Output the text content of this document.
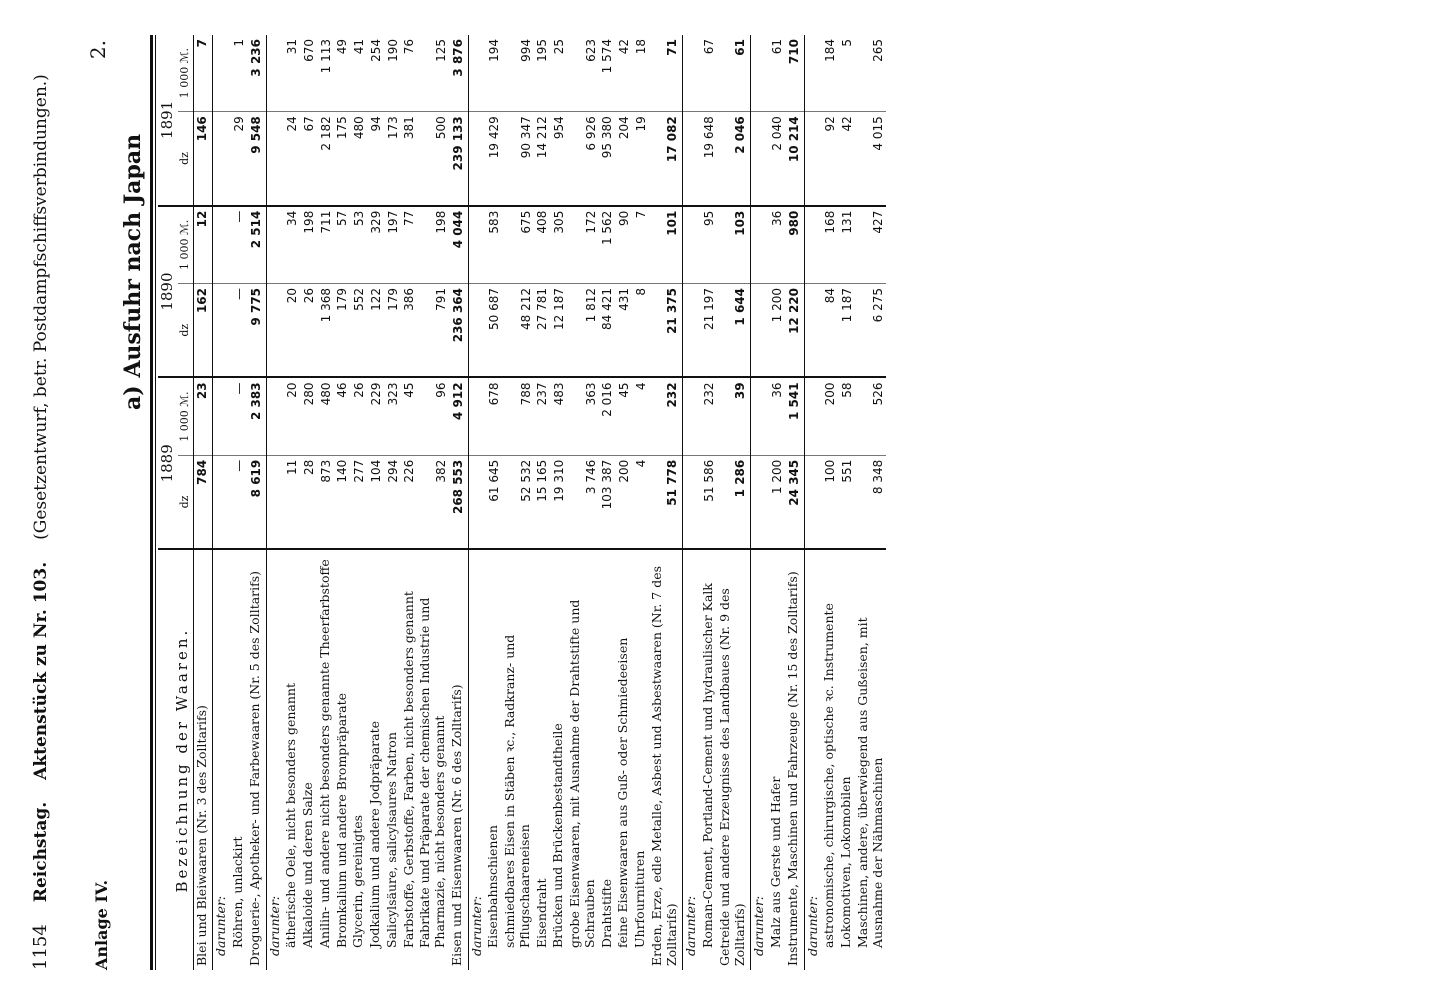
1154
Reichstag.
Aktenstück zu Nr. 103.
(Gesetzentwurf, betr. Postdampfschiffsverbindungen.)
Anlage IV.
2.
a) Ausfuhr nach Japan
Bezeichnung der Waaren.	1889		1890		1891	
	dz	1 000 ℳ.	dz	1 000 ℳ.	dz	1 000 ℳ.
Blei und Bleiwaaren (Nr. 3 des Zolltarifs)	784	23	162	12	146	7
darunter:						
Röhren, unlackirt	—	—	—	—	29	1
Droguerie-, Apotheker- und Farbewaaren (Nr. 5 des Zolltarifs)	8 619	2 383	9 775	2 514	9 548	3 236
darunter:						
ätherische Oele, nicht besonders genannt	11	20	20	34	24	31
Alkaloide und deren Salze	28	280	26	198	67	670
Anilin- und andere nicht besonders genannte Theerfarbstoffe	873	480	1 368	711	2 182	1 113
Bromkalium und andere Brompräparate	140	46	179	57	175	49
Glycerin, gereinigtes	277	26	552	53	480	41
Jodkalium und andere Jodpräparate	104	229	122	329	94	254
Salicylsäure, salicylsaures Natron	294	323	179	197	173	190
Farbstoffe, Gerbstoffe, Farben, nicht besonders genannt	226	45	386	77	381	76
Fabrikate und Präparate der chemischen Industrie und Pharmazie, nicht besonders genannt	382	96	791	198	500	125
Eisen und Eisenwaaren (Nr. 6 des Zolltarifs)	268 553	4 912	236 364	4 044	239 133	3 876
darunter:						
Eisenbahnschienen	61 645	678	50 687	583	19 429	194
schmiedbares Eisen in Stäben ꝛc., Radkranz- und Pflugschaareneisen	52 532	788	48 212	675	90 347	994
Eisendraht	15 165	237	27 781	408	14 212	195
Brücken und Brückenbestandtheile	19 310	483	12 187	305	954	25
grobe Eisenwaaren, mit Ausnahme der Drahtstifte und Schrauben	3 746	363	1 812	172	6 926	623
Drahtstifte	103 387	2 016	84 421	1 562	95 380	1 574
feine Eisenwaaren aus Guß- oder Schmiedeeisen	200	45	431	90	204	42
Uhrfournituren	4	4	8	7	19	18
Erden, Erze, edle Metalle, Asbest und Asbestwaaren (Nr. 7 des Zolltarifs)	51 778	232	21 375	101	17 082	71
darunter:						
Roman-Cement, Portland-Cement und hydraulischer Kalk	51 586	232	21 197	95	19 648	67
Getreide und andere Erzeugnisse des Landbaues (Nr. 9 des Zolltarifs)	1 286	39	1 644	103	2 046	61
darunter:						
Malz aus Gerste und Hafer	1 200	36	1 200	36	2 040	61
Instrumente, Maschinen und Fahrzeuge (Nr. 15 des Zolltarifs)	24 345	1 541	12 220	980	10 214	710
darunter:						
astronomische, chirurgische, optische ꝛc. Instrumente	100	200	84	168	92	184
Lokomotiven, Lokomobilen	551	58	1 187	131	42	5
Maschinen, andere, überwiegend aus Gußeisen, mit Ausnahme der Nähmaschinen	8 348	526	6 275	427	4 015	265
